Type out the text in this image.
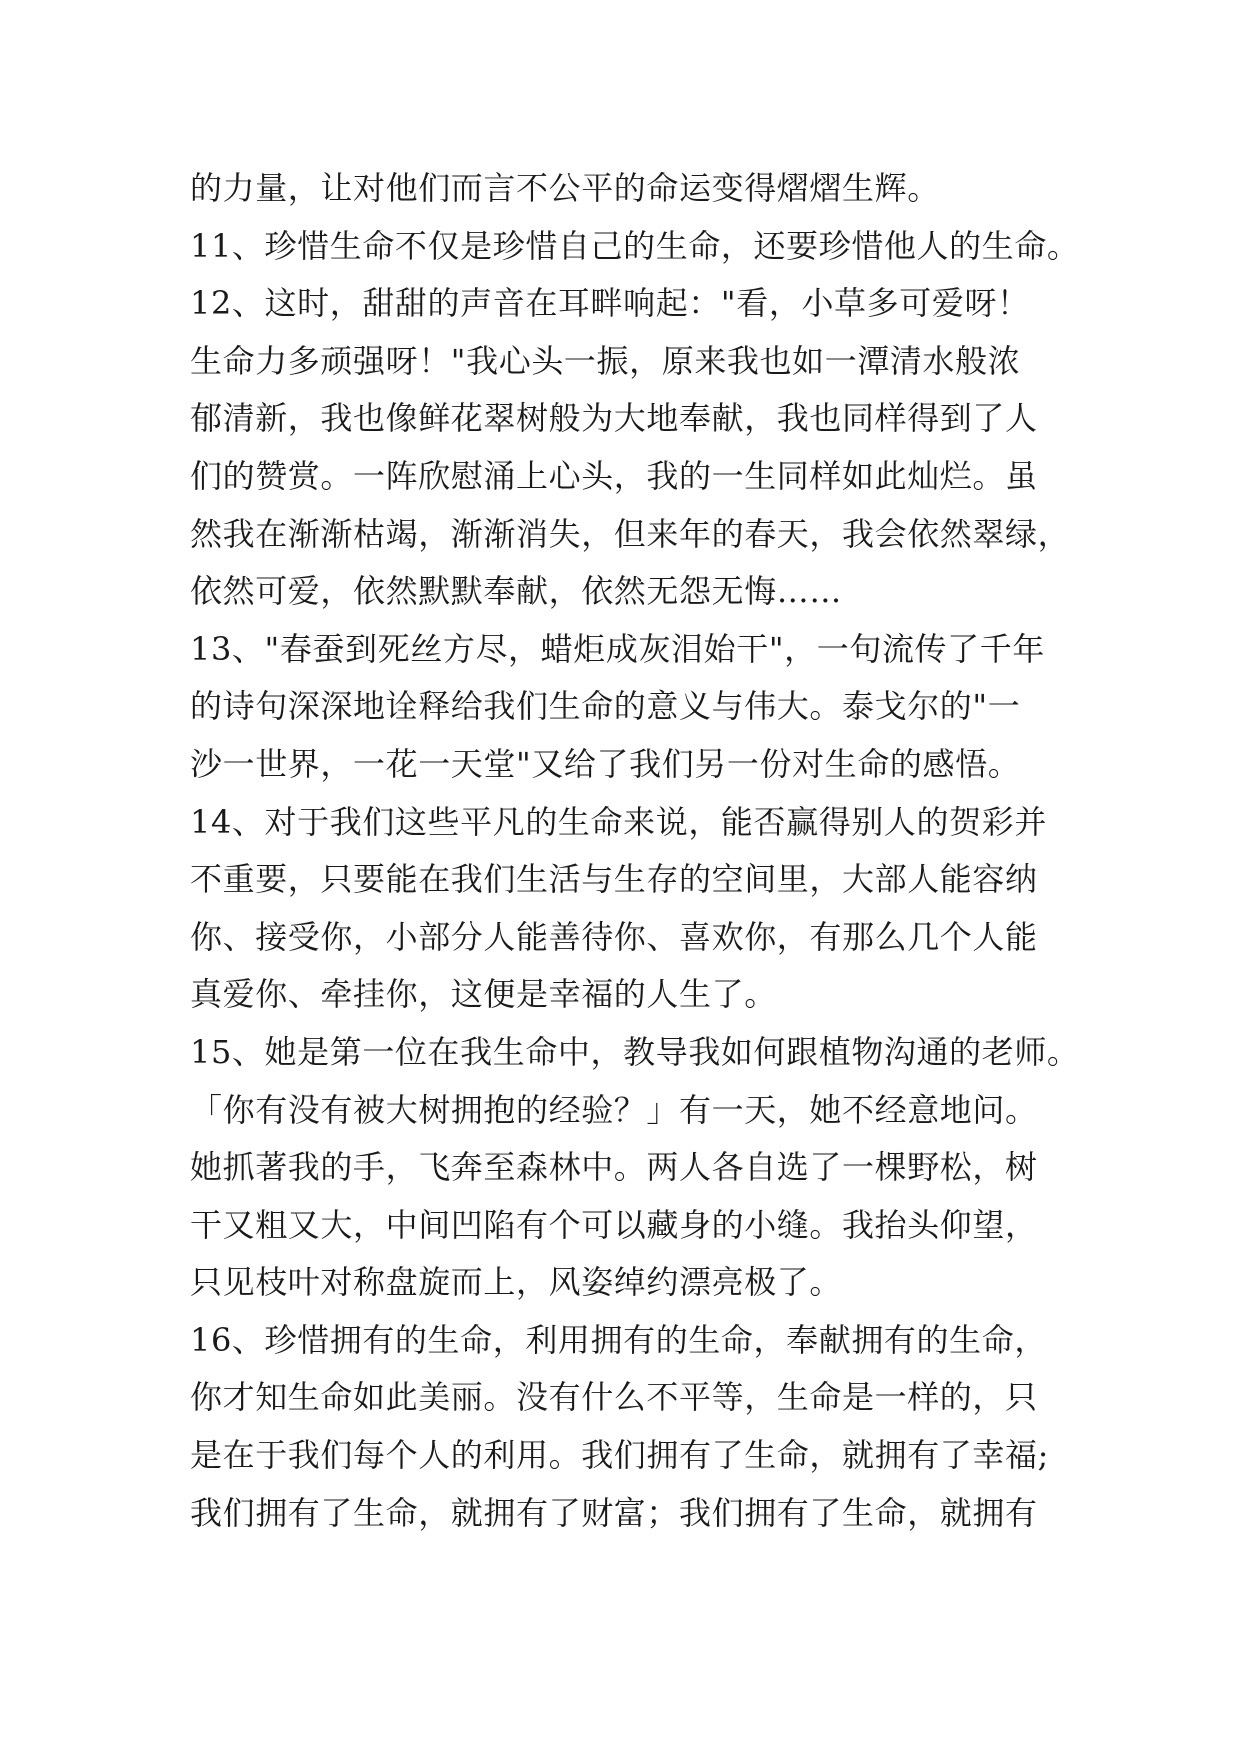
的力量，让对他们而言不公平的命运变得熠熠生辉。
11、珍惜生命不仅是珍惜自己的生命，还要珍惜他人的生命。
12、这时，甜甜的声音在耳畔响起："看，小草多可爱呀！
生命力多顽强呀！"我心头一振，原来我也如一潭清水般浓
郁清新，我也像鲜花翠树般为大地奉献，我也同样得到了人
们的赞赏。一阵欣慰涌上心头，我的一生同样如此灿烂。虽
然我在渐渐枯竭，渐渐消失，但来年的春天，我会依然翠绿，
依然可爱，依然默默奉献，依然无怨无悔……
13、"春蚕到死丝方尽，蜡炬成灰泪始干"，一句流传了千年
的诗句深深地诠释给我们生命的意义与伟大。泰戈尔的"一
沙一世界，一花一天堂"又给了我们另一份对生命的感悟。
14、对于我们这些平凡的生命来说，能否赢得别人的贺彩并
不重要，只要能在我们生活与生存的空间里，大部人能容纳
你、接受你，小部分人能善待你、喜欢你，有那么几个人能
真爱你、牵挂你，这便是幸福的人生了。
15、她是第一位在我生命中，教导我如何跟植物沟通的老师。
「你有没有被大树拥抱的经验？」有一天，她不经意地问。
她抓著我的手，飞奔至森林中。两人各自选了一棵野松，树
干又粗又大，中间凹陷有个可以藏身的小缝。我抬头仰望，
只见枝叶对称盘旋而上，风姿绰约漂亮极了。
16、珍惜拥有的生命，利用拥有的生命，奉献拥有的生命，
你才知生命如此美丽。没有什么不平等，生命是一样的，只
是在于我们每个人的利用。我们拥有了生命，就拥有了幸福;
我们拥有了生命，就拥有了财富；我们拥有了生命，就拥有
